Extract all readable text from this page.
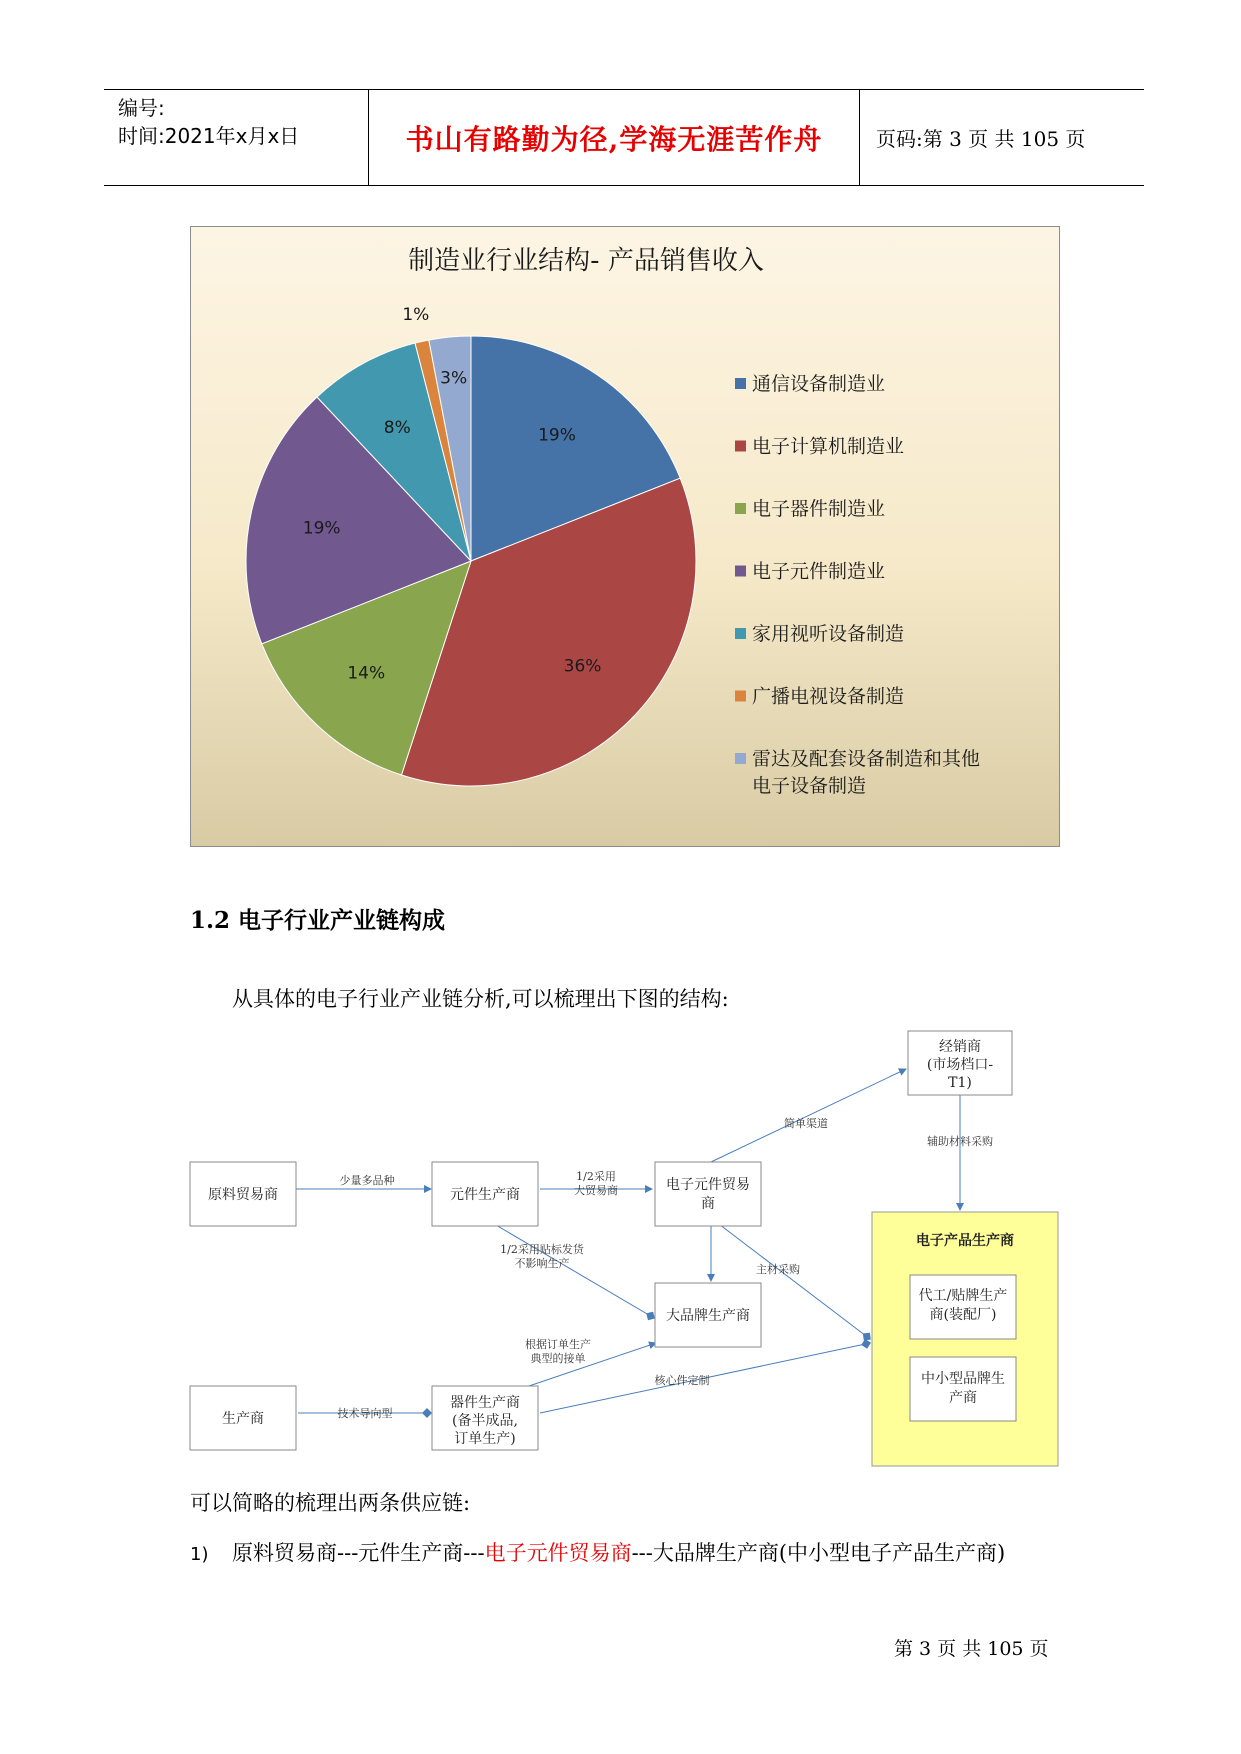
编号:
时间:2021年x月x日	书山有路勤为径,学海无涯苦作舟	页码:第 3 页 共 105 页
制造业行业结构- 产品销售收入
19%
36%
14%
19%
8%
1%
3%	通信设备制造业
电子计算机制造业
电子器件制造业
电子元件制造业
家用视听设备制造
广播电视设备制造
雷达及配套设备制造和其他
电子设备制造
1.2 电子行业产业链构成
从具体的电子行业产业链分析,可以梳理出下图的结构:
少量多品种	1/2采用
大贸易商
简单渠道
辅助材料采购
1/2采用贴标发货
不影响生产	主材采购
根据订单生产
典型的接单
技术导向型
核心件定制
原料贸易商	元件生产商
电子元件贸易
商
经销商
(市场档口-
T1)
大品牌生产商
生产商
器件生产商
(备半成品,
订单生产)
电子产品生产商
代工/贴牌生产
商(装配厂)
中小型品牌生
产商
可以简略的梳理出两条供应链:
1) 原料贸易商---元件生产商---电子元件贸易商---大品牌生产商(中小型电子产品生产商)
第 3 页 共 105 页
